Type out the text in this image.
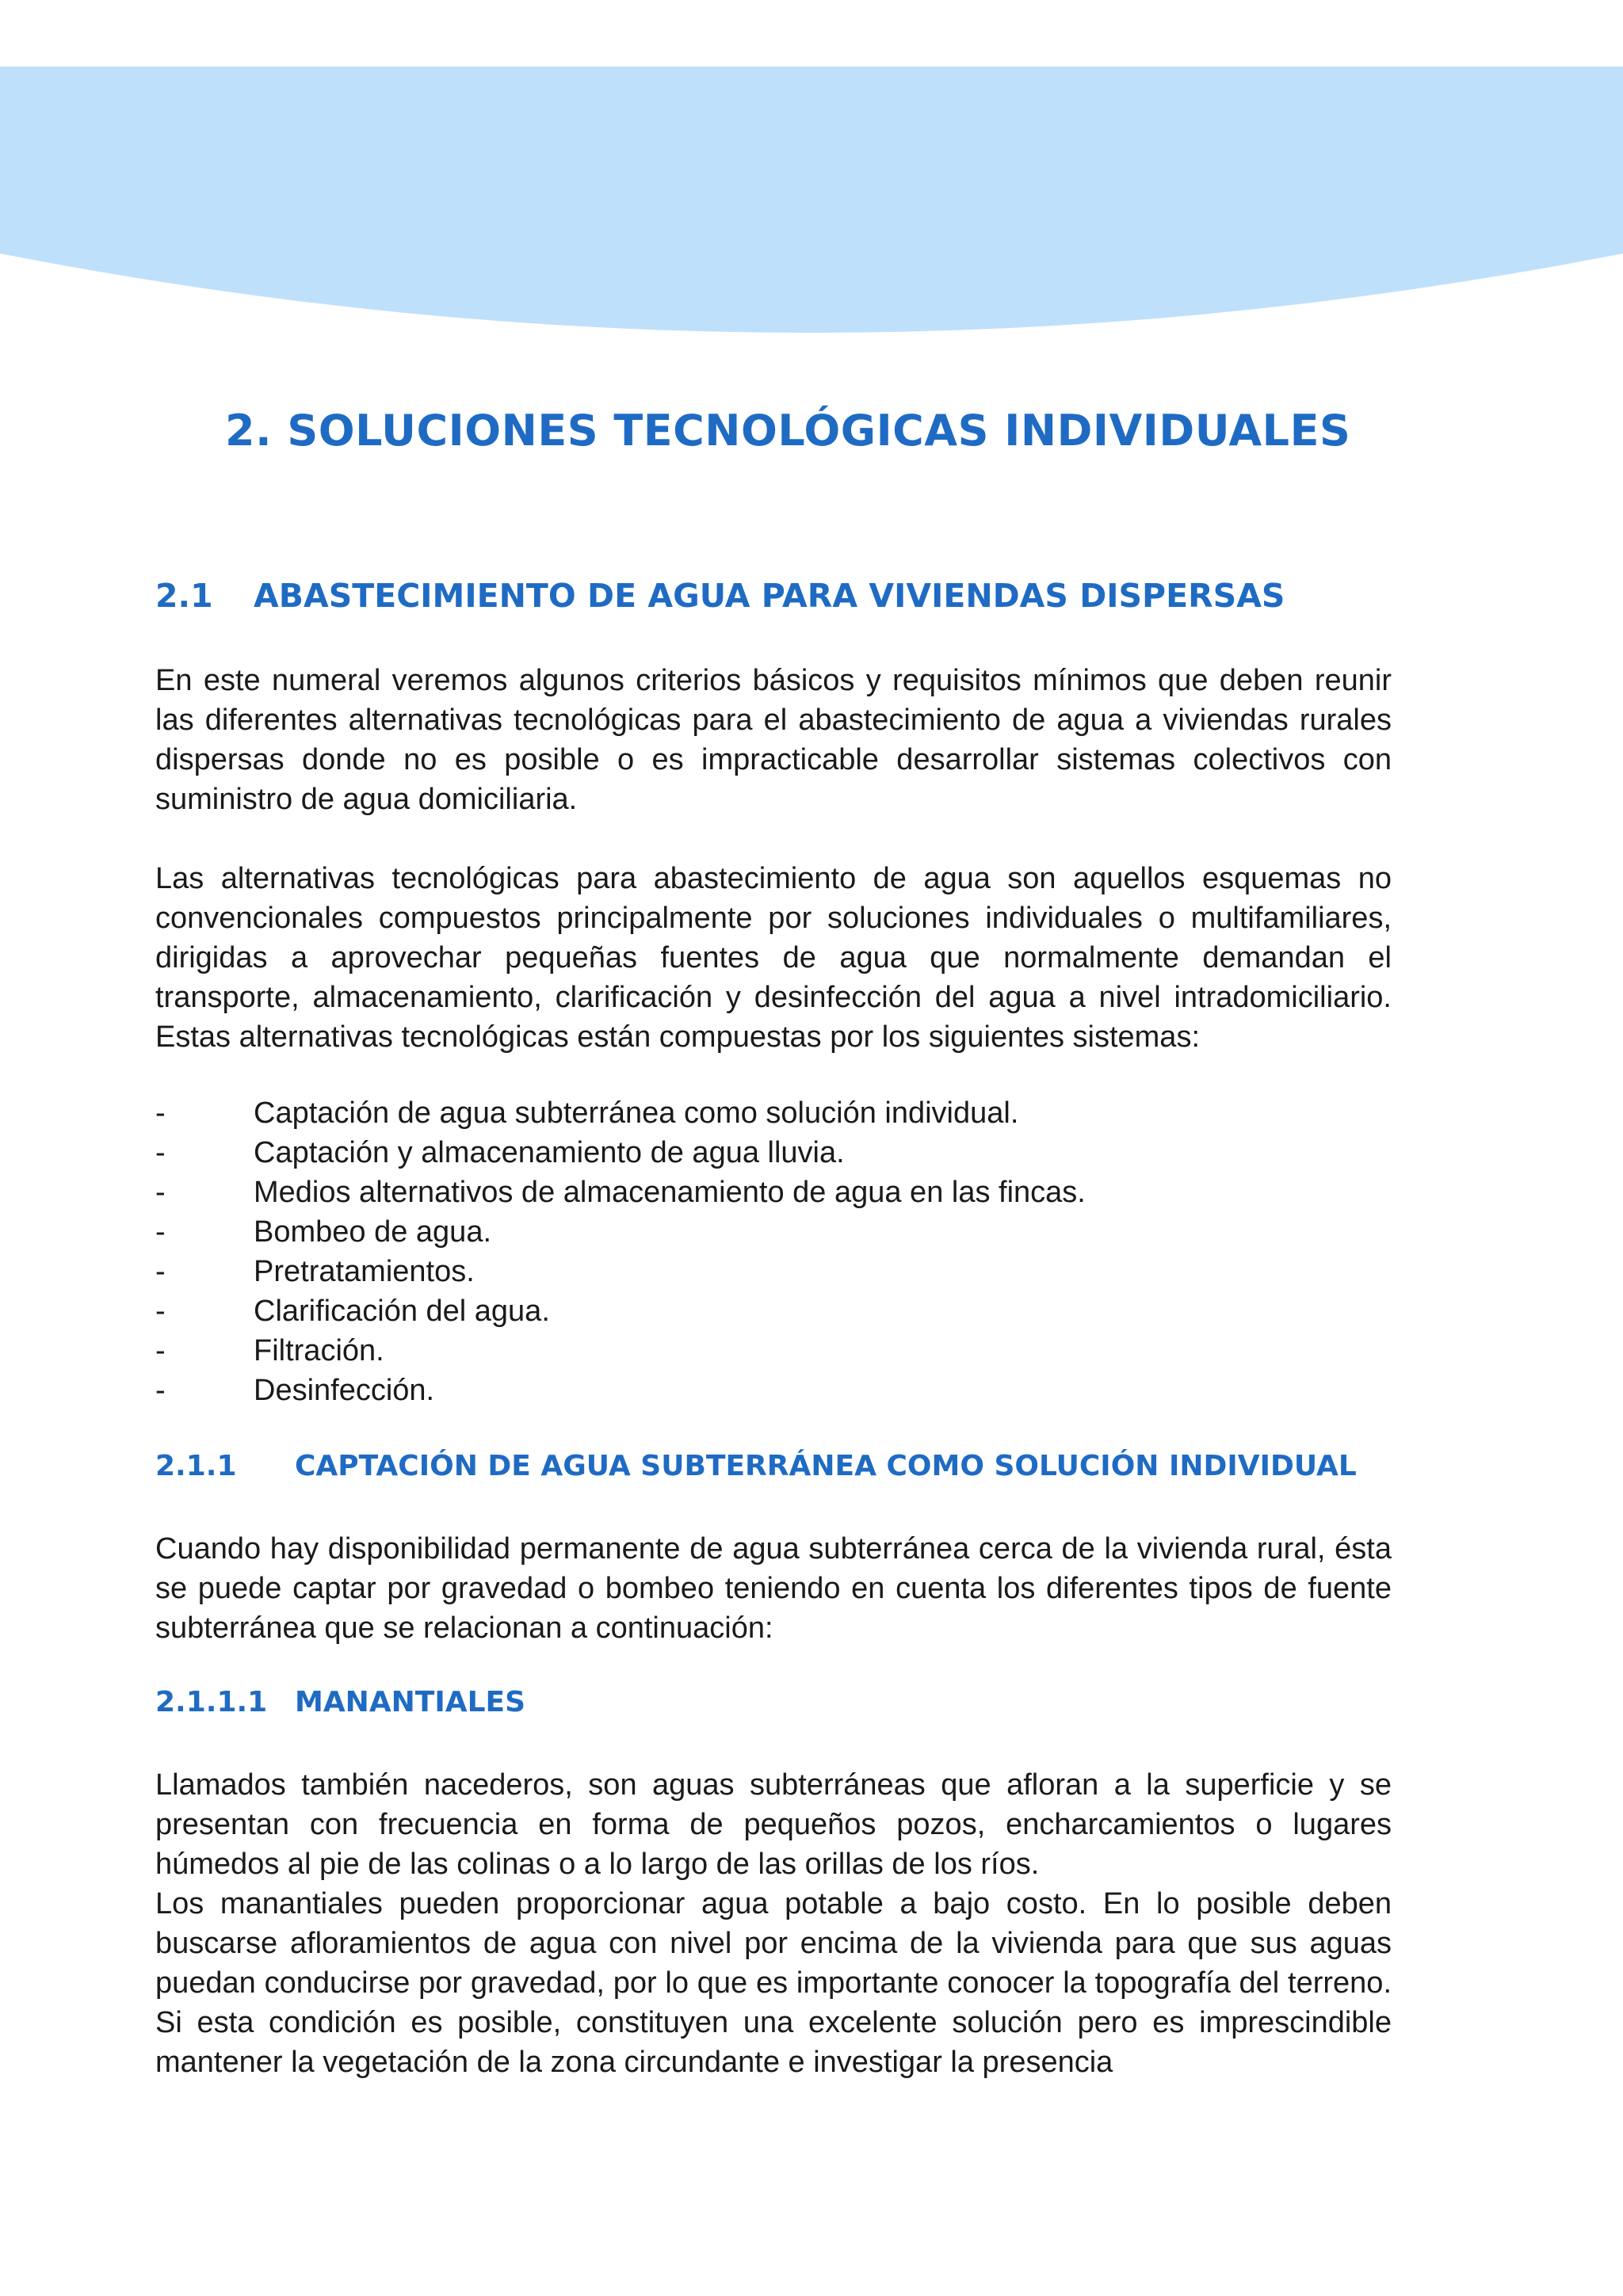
2. SOLUCIONES TECNOLÓGICAS INDIVIDUALES
2.1 ABASTECIMIENTO DE AGUA PARA VIVIENDAS DISPERSAS

En este numeral veremos algunos criterios básicos y requisitos mínimos que deben reunir las diferentes alternativas tecnológicas para el abastecimiento de agua a viviendas rurales dispersas donde no es posible o es impracticable desarrollar sistemas colectivos con suministro de agua domiciliaria.

Las alternativas tecnológicas para abastecimiento de agua son aquellos esquemas no convencionales compuestos principalmente por soluciones individuales o multifamiliares, dirigidas a aprovechar pequeñas fuentes de agua que normalmente demandan el transporte, almacenamiento, clarificación y desinfección del agua a nivel intradomiciliario. Estas alternativas tecnológicas están compuestas por los siguientes sistemas:

-	Captación de agua subterránea como solución individual.
-	Captación y almacenamiento de agua lluvia.
-	Medios alternativos de almacenamiento de agua en las fincas.
-	Bombeo de agua.
-	Pretratamientos.
-	Clarificación del agua.
-	Filtración.
-	Desinfección.
2.1.1 CAPTACIÓN DE AGUA SUBTERRÁNEA COMO SOLUCIÓN INDIVIDUAL

Cuando hay disponibilidad permanente de agua subterránea cerca de la vivienda rural, ésta se puede captar por gravedad o bombeo teniendo en cuenta los diferentes tipos de fuente subterránea que se relacionan a continuación:

2.1.1.1 MANANTIALES

Llamados también nacederos, son aguas subterráneas que afloran a la superficie y se presentan con frecuencia en forma de pequeños pozos, encharcamientos o lugares húmedos al pie de las colinas o a lo largo de las orillas de los ríos.

Los manantiales pueden proporcionar agua potable a bajo costo. En lo posible deben buscarse afloramientos de agua con nivel por encima de la vivienda para que sus aguas puedan conducirse por gravedad, por lo que es importante conocer la topografía del terreno. Si esta condición es posible, constituyen una excelente solución pero es imprescindible mantener la vegetación de la zona circundante e investigar la presencia
